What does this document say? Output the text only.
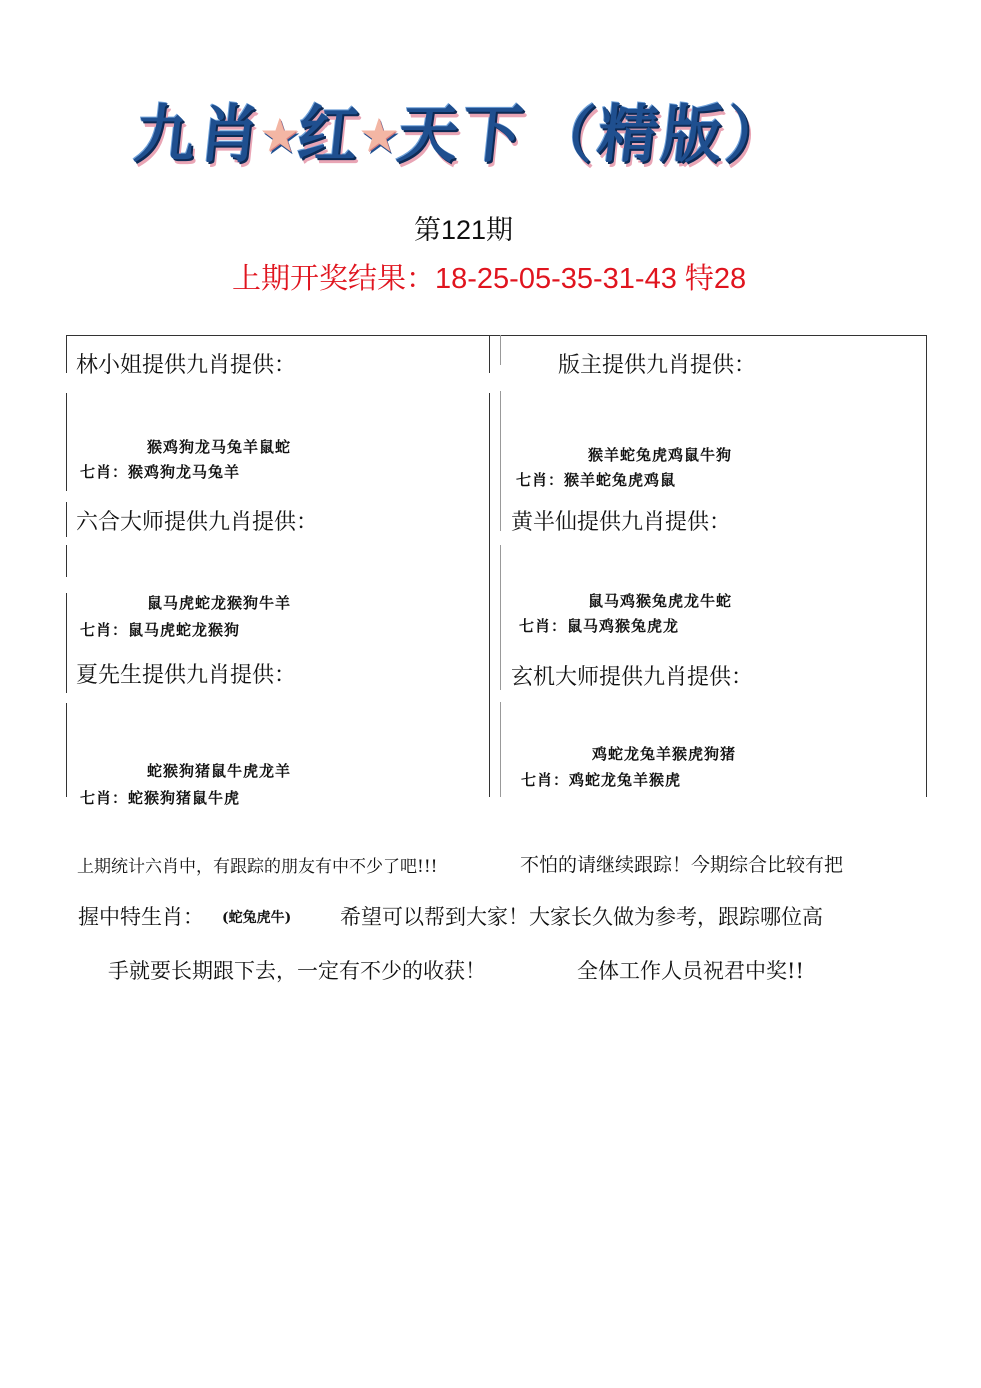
九
肖
★
红
★
天
下 （
精
版
）
第121期
上期开奖结果：18-25-05-35-31-43 特28
林小姐提供九肖提供：
猴鸡狗龙马兔羊鼠蛇
七肖：猴鸡狗龙马兔羊
六合大师提供九肖提供：
鼠马虎蛇龙猴狗牛羊
七肖：鼠马虎蛇龙猴狗
夏先生提供九肖提供：
蛇猴狗猪鼠牛虎龙羊
七肖：蛇猴狗猪鼠牛虎
版主提供九肖提供：
猴羊蛇兔虎鸡鼠牛狗
七肖：猴羊蛇兔虎鸡鼠
黄半仙提供九肖提供：
鼠马鸡猴兔虎龙牛蛇
七肖：鼠马鸡猴兔虎龙
玄机大师提供九肖提供：
鸡蛇龙兔羊猴虎狗猪
七肖：鸡蛇龙兔羊猴虎

上期统计六肖中，有跟踪的朋友有中不少了吧!!!	不怕的请继续跟踪！今期综合比较有把

握中特生肖： (蛇兔虎牛) 希望可以帮到大家！大家长久做为参考，跟踪哪位高

手就要长期跟下去，一定有不少的收获！	全体工作人员祝君中奖!!
